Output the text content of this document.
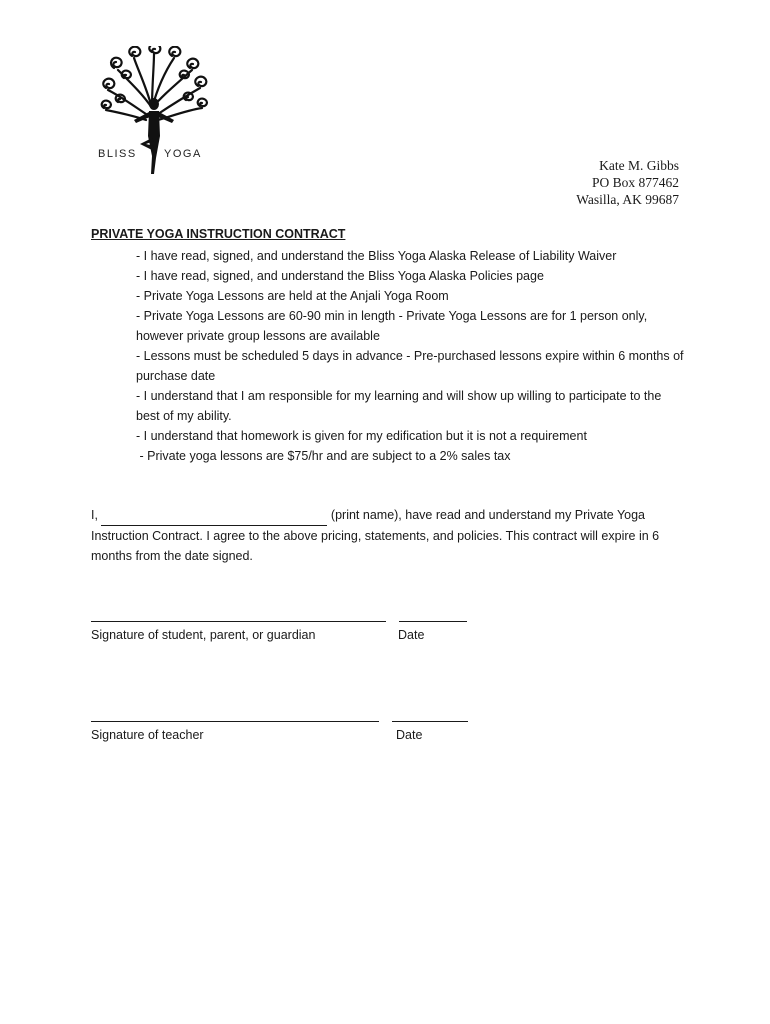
BLISS YOGA
Kate M. Gibbs
PO Box 877462
Wasilla, AK 99687
PRIVATE YOGA INSTRUCTION CONTRACT
- I have read, signed, and understand the Bliss Yoga Alaska Release of Liability Waiver
- I have read, signed, and understand the Bliss Yoga Alaska Policies page
- Private Yoga Lessons are held at the Anjali Yoga Room
- Private Yoga Lessons are 60-90 min in length - Private Yoga Lessons are for 1 person only, however private group lessons are available
- Lessons must be scheduled 5 days in advance - Pre-purchased lessons expire within 6 months of purchase date
- I understand that I am responsible for my learning and will show up willing to participate to the best of my ability.
- I understand that homework is given for my edification but it is not a requirement
- Private yoga lessons are $75/hr and are subject to a 2% sales tax
I,	(print name), have read and understand my Private Yoga Instruction Contract. I agree to the above pricing, statements, and policies. This contract will expire in 6 months from the date signed.

Signature of student, parent, or guardian	Date

Signature of teacher	Date
